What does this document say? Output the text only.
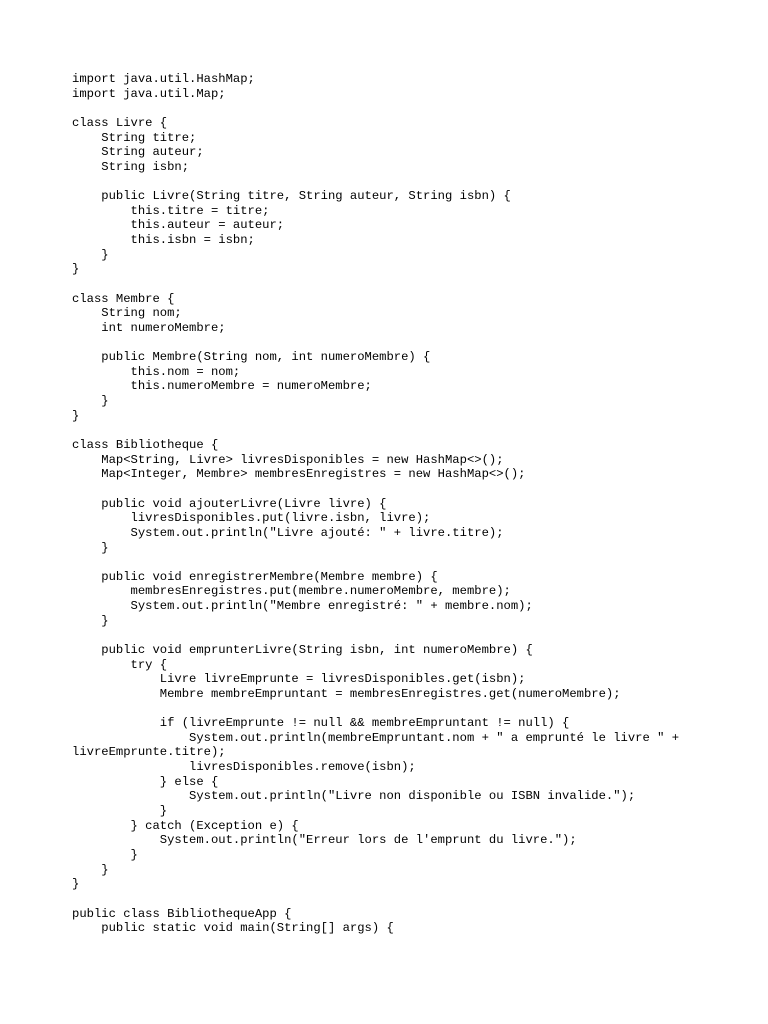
import java.util.HashMap;
import java.util.Map;
class Livre {
String titre;
String auteur;
String isbn;
public Livre(String titre, String auteur, String isbn) {
this.titre = titre;
this.auteur = auteur;
this.isbn = isbn;
}
}
class Membre {
String nom;
int numeroMembre;
public Membre(String nom, int numeroMembre) {
this.nom = nom;
this.numeroMembre = numeroMembre;
}
}
class Bibliotheque {
Map<String, Livre> livresDisponibles = new HashMap<>();
Map<Integer, Membre> membresEnregistres = new HashMap<>();
public void ajouterLivre(Livre livre) {
livresDisponibles.put(livre.isbn, livre);
System.out.println("Livre ajouté: " + livre.titre);
}
public void enregistrerMembre(Membre membre) {
membresEnregistres.put(membre.numeroMembre, membre);
System.out.println("Membre enregistré: " + membre.nom);
}
public void emprunterLivre(String isbn, int numeroMembre) {
try {
Livre livreEmprunte = livresDisponibles.get(isbn);
Membre membreEmpruntant = membresEnregistres.get(numeroMembre);
if (livreEmprunte != null && membreEmpruntant != null) {
System.out.println(membreEmpruntant.nom + " a emprunté le livre " +
livreEmprunte.titre);
livresDisponibles.remove(isbn);
} else {
System.out.println("Livre non disponible ou ISBN invalide.");
}
} catch (Exception e) {
System.out.println("Erreur lors de l'emprunt du livre.");
}
}
}
public class BibliothequeApp {
public static void main(String[] args) {
